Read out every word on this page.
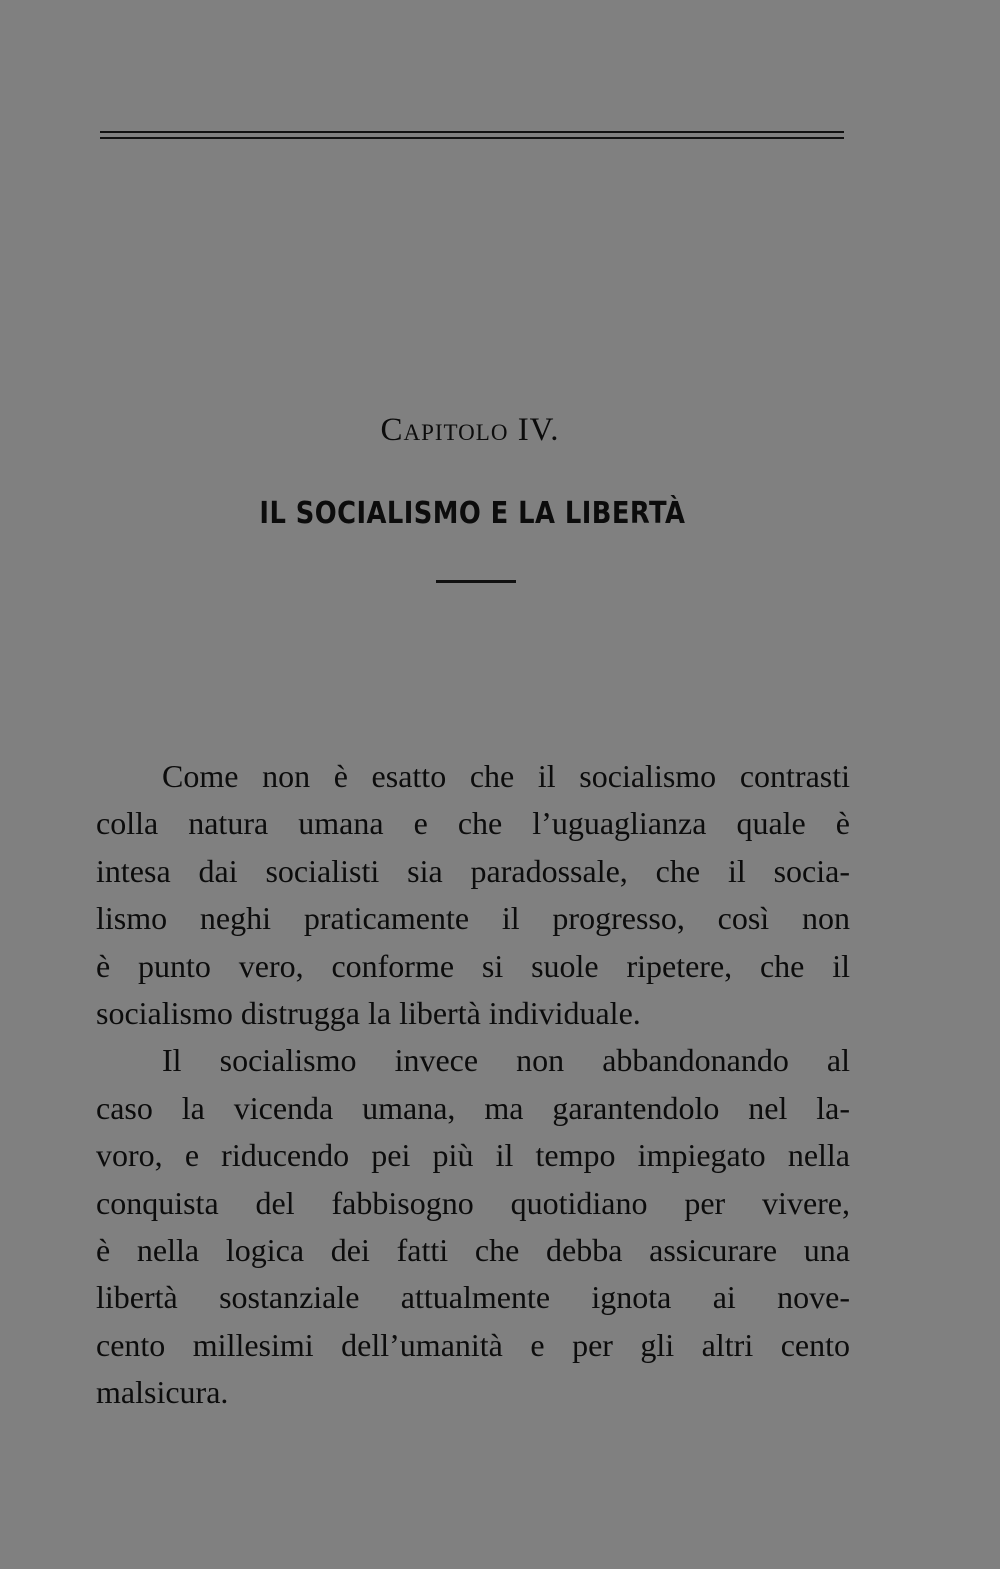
Capitolo IV.
IL SOCIALISMO E LA LIBERTÀ
Come non è esatto che il socialismo contrasti
colla natura umana e che l’uguaglianza quale è
intesa dai socialisti sia paradossale, che il socia-
lismo neghi praticamente il progresso, così non
è punto vero, conforme si suole ripetere, che il
socialismo distrugga la libertà individuale.
Il socialismo invece non abbandonando al
caso la vicenda umana, ma garantendolo nel la-
voro, e riducendo pei più il tempo impiegato nella
conquista del fabbisogno quotidiano per vivere,
è nella logica dei fatti che debba assicurare una
libertà sostanziale attualmente ignota ai nove-
cento millesimi dell’umanità e per gli altri cento
malsicura.
